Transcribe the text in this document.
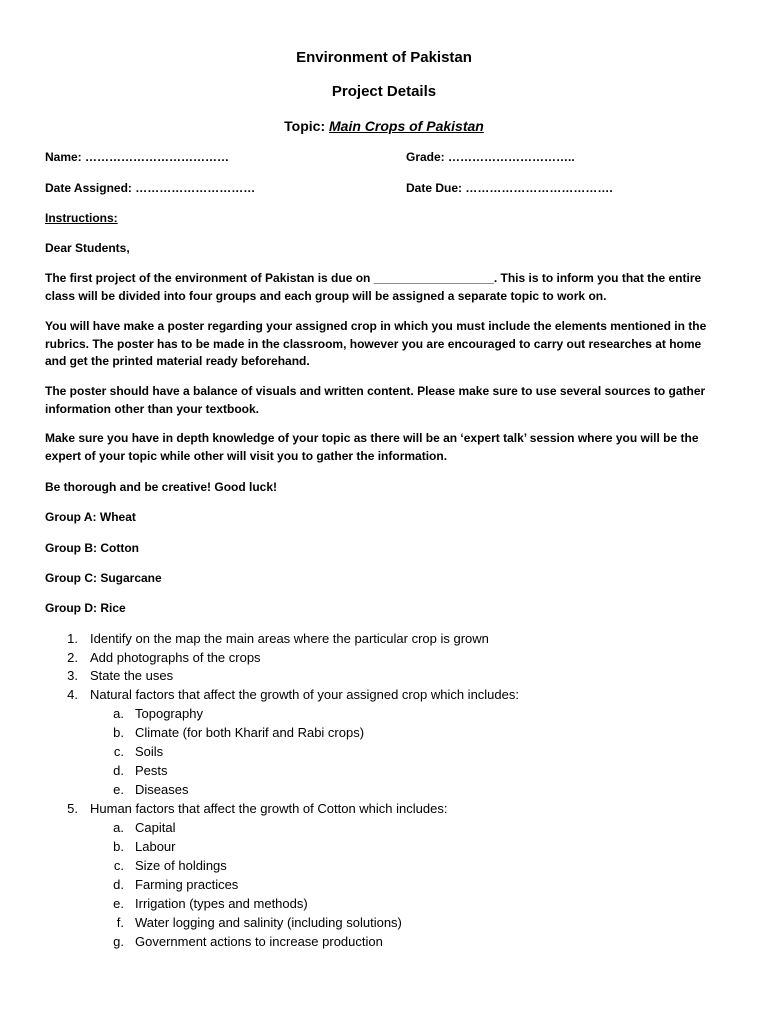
Environment of Pakistan
Project Details
Topic: Main Crops of Pakistan
Name: ………………………………	Grade: …………………………..
Date Assigned: …………………………	Date Due: ……………………………….
Instructions:
Dear Students,
The first project of the environment of Pakistan is due on __________________. This is to inform you that the entire class will be divided into four groups and each group will be assigned a separate topic to work on.
You will have make a poster regarding your assigned crop in which you must include the elements mentioned in the rubrics. The poster has to be made in the classroom, however you are encouraged to carry out researches at home and get the printed material ready beforehand.
The poster should have a balance of visuals and written content. Please make sure to use several sources to gather information other than your textbook.
Make sure you have in depth knowledge of your topic as there will be an ‘expert talk’ session where you will be the expert of your topic while other will visit you to gather the information.
Be thorough and be creative! Good luck!
Group A: Wheat
Group B: Cotton
Group C: Sugarcane
Group D: Rice
1. Identify on the map the main areas where the particular crop is grown
2. Add photographs of the crops
3. State the uses
4. Natural factors that affect the growth of your assigned crop which includes:
a. Topography
b. Climate (for both Kharif and Rabi crops)
c. Soils
d. Pests
e. Diseases
5. Human factors that affect the growth of Cotton which includes:
a. Capital
b. Labour
c. Size of holdings
d. Farming practices
e. Irrigation (types and methods)
f. Water logging and salinity (including solutions)
g. Government actions to increase production
